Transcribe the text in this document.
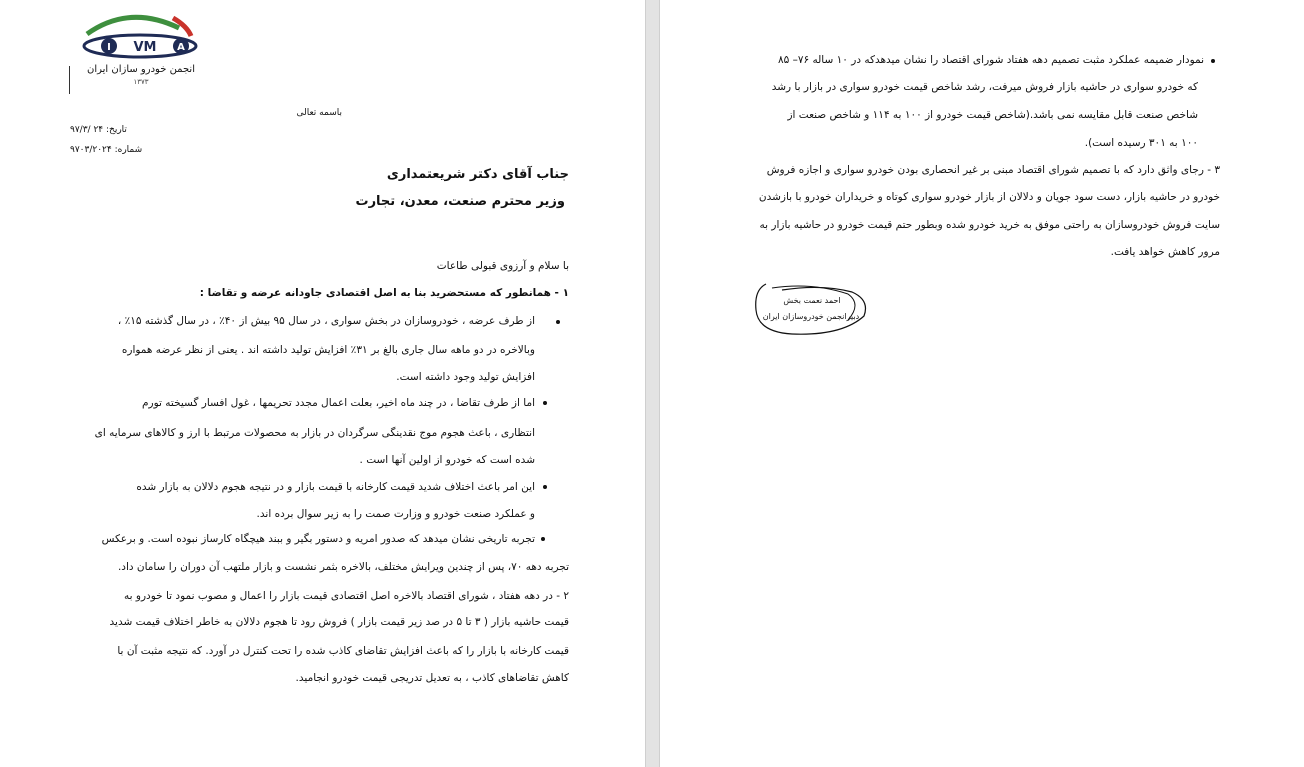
I	A
VM
انجمن خودرو سازان ایران
۱۳۷۳
باسمه تعالی
تاریخ: ۲۴ /۹۷/۳
شماره: ۹۷۰۳/۲۰۲۴
جناب آقای دکتر شریعتمداری
وزیر محترم صنعت، معدن، تجارت
با سلام و آرزوی قبولی طاعات
۱ - همانطور که مستحضرید بنا به اصل اقتصادی جاودانه عرضه و تقاضا :
از طرف عرضه ، خودروسازان در بخش سواری ، در سال ۹۵ بیش از ۴۰٪ ، در سال گذشته ۱۵٪ ،
وبالاخره در دو ماهه سال جاری بالغ بر ۳۱٪ افزایش تولید داشته اند . یعنی از نظر عرضه همواره
افزایش تولید وجود داشته است.
اما از طرف تقاضا ، در چند ماه اخیر، بعلت اعمال مجدد تحریمها ، غول افسار گسیخته تورم
انتظاری ، باعث هجوم موج نقدینگی سرگردان در بازار به محصولات مرتبط با ارز و کالاهای سرمایه ای
شده است که خودرو از اولین آنها است .
این امر باعث اختلاف شدید قیمت کارخانه با قیمت بازار و در نتیجه هجوم دلالان به بازار شده
و عملکرد صنعت خودرو و وزارت صمت را به زیر سوال برده اند.
تجربه تاریخی نشان میدهد که صدور امریه و دستور بگیر و ببند هیچگاه کارساز نبوده است. و برعکس
تجربه دهه ۷۰، پس از چندین ویرایش مختلف، بالاخره بثمر نشست و بازار ملتهب آن دوران را سامان داد.
۲ - در دهه هفتاد ، شورای اقتصاد بالاخره اصل اقتصادی قیمت بازار را اعمال و مصوب نمود تا خودرو به
قیمت حاشیه بازار ( ۳ تا ۵ در صد زیر قیمت بازار ) فروش رود تا هجوم دلالان به خاطر اختلاف قیمت شدید
قیمت کارخانه با بازار را که باعث افزایش تقاضای کاذب شده را تحت کنترل در آورد. که نتیجه مثبت آن با
کاهش تقاضاهای کاذب ، به تعدیل تدریجی قیمت خودرو انجامید.
نمودار ضمیمه عملکرد مثبت تصمیم دهه هفتاد شورای اقتصاد را نشان میدهدکه در ۱۰ ساله ۷۶– ۸۵
که خودرو سواری در حاشیه بازار فروش میرفت، رشد شاخص قیمت خودرو سواری در بازار با رشد
شاخص صنعت قابل مقایسه نمی باشد.(شاخص قیمت خودرو از ۱۰۰ به ۱۱۴ و شاخص صنعت از
۱۰۰ به ۳۰۱ رسیده است).
۳ - رجای واثق دارد که با تصمیم شورای اقتصاد مبنی بر غیر انحصاری بودن خودرو سواری و اجازه فروش
خودرو در حاشیه بازار، دست سود جویان و دلالان از بازار خودرو سواری کوتاه و خریداران خودرو با بازشدن
سایت فروش خودروسازان به راحتی موفق به خرید خودرو شده وبطور حتم قیمت خودرو در حاشیه بازار به
مرور کاهش خواهد یافت.
احمد نعمت بخش
دبیرانجمن خودروسازان ایران
